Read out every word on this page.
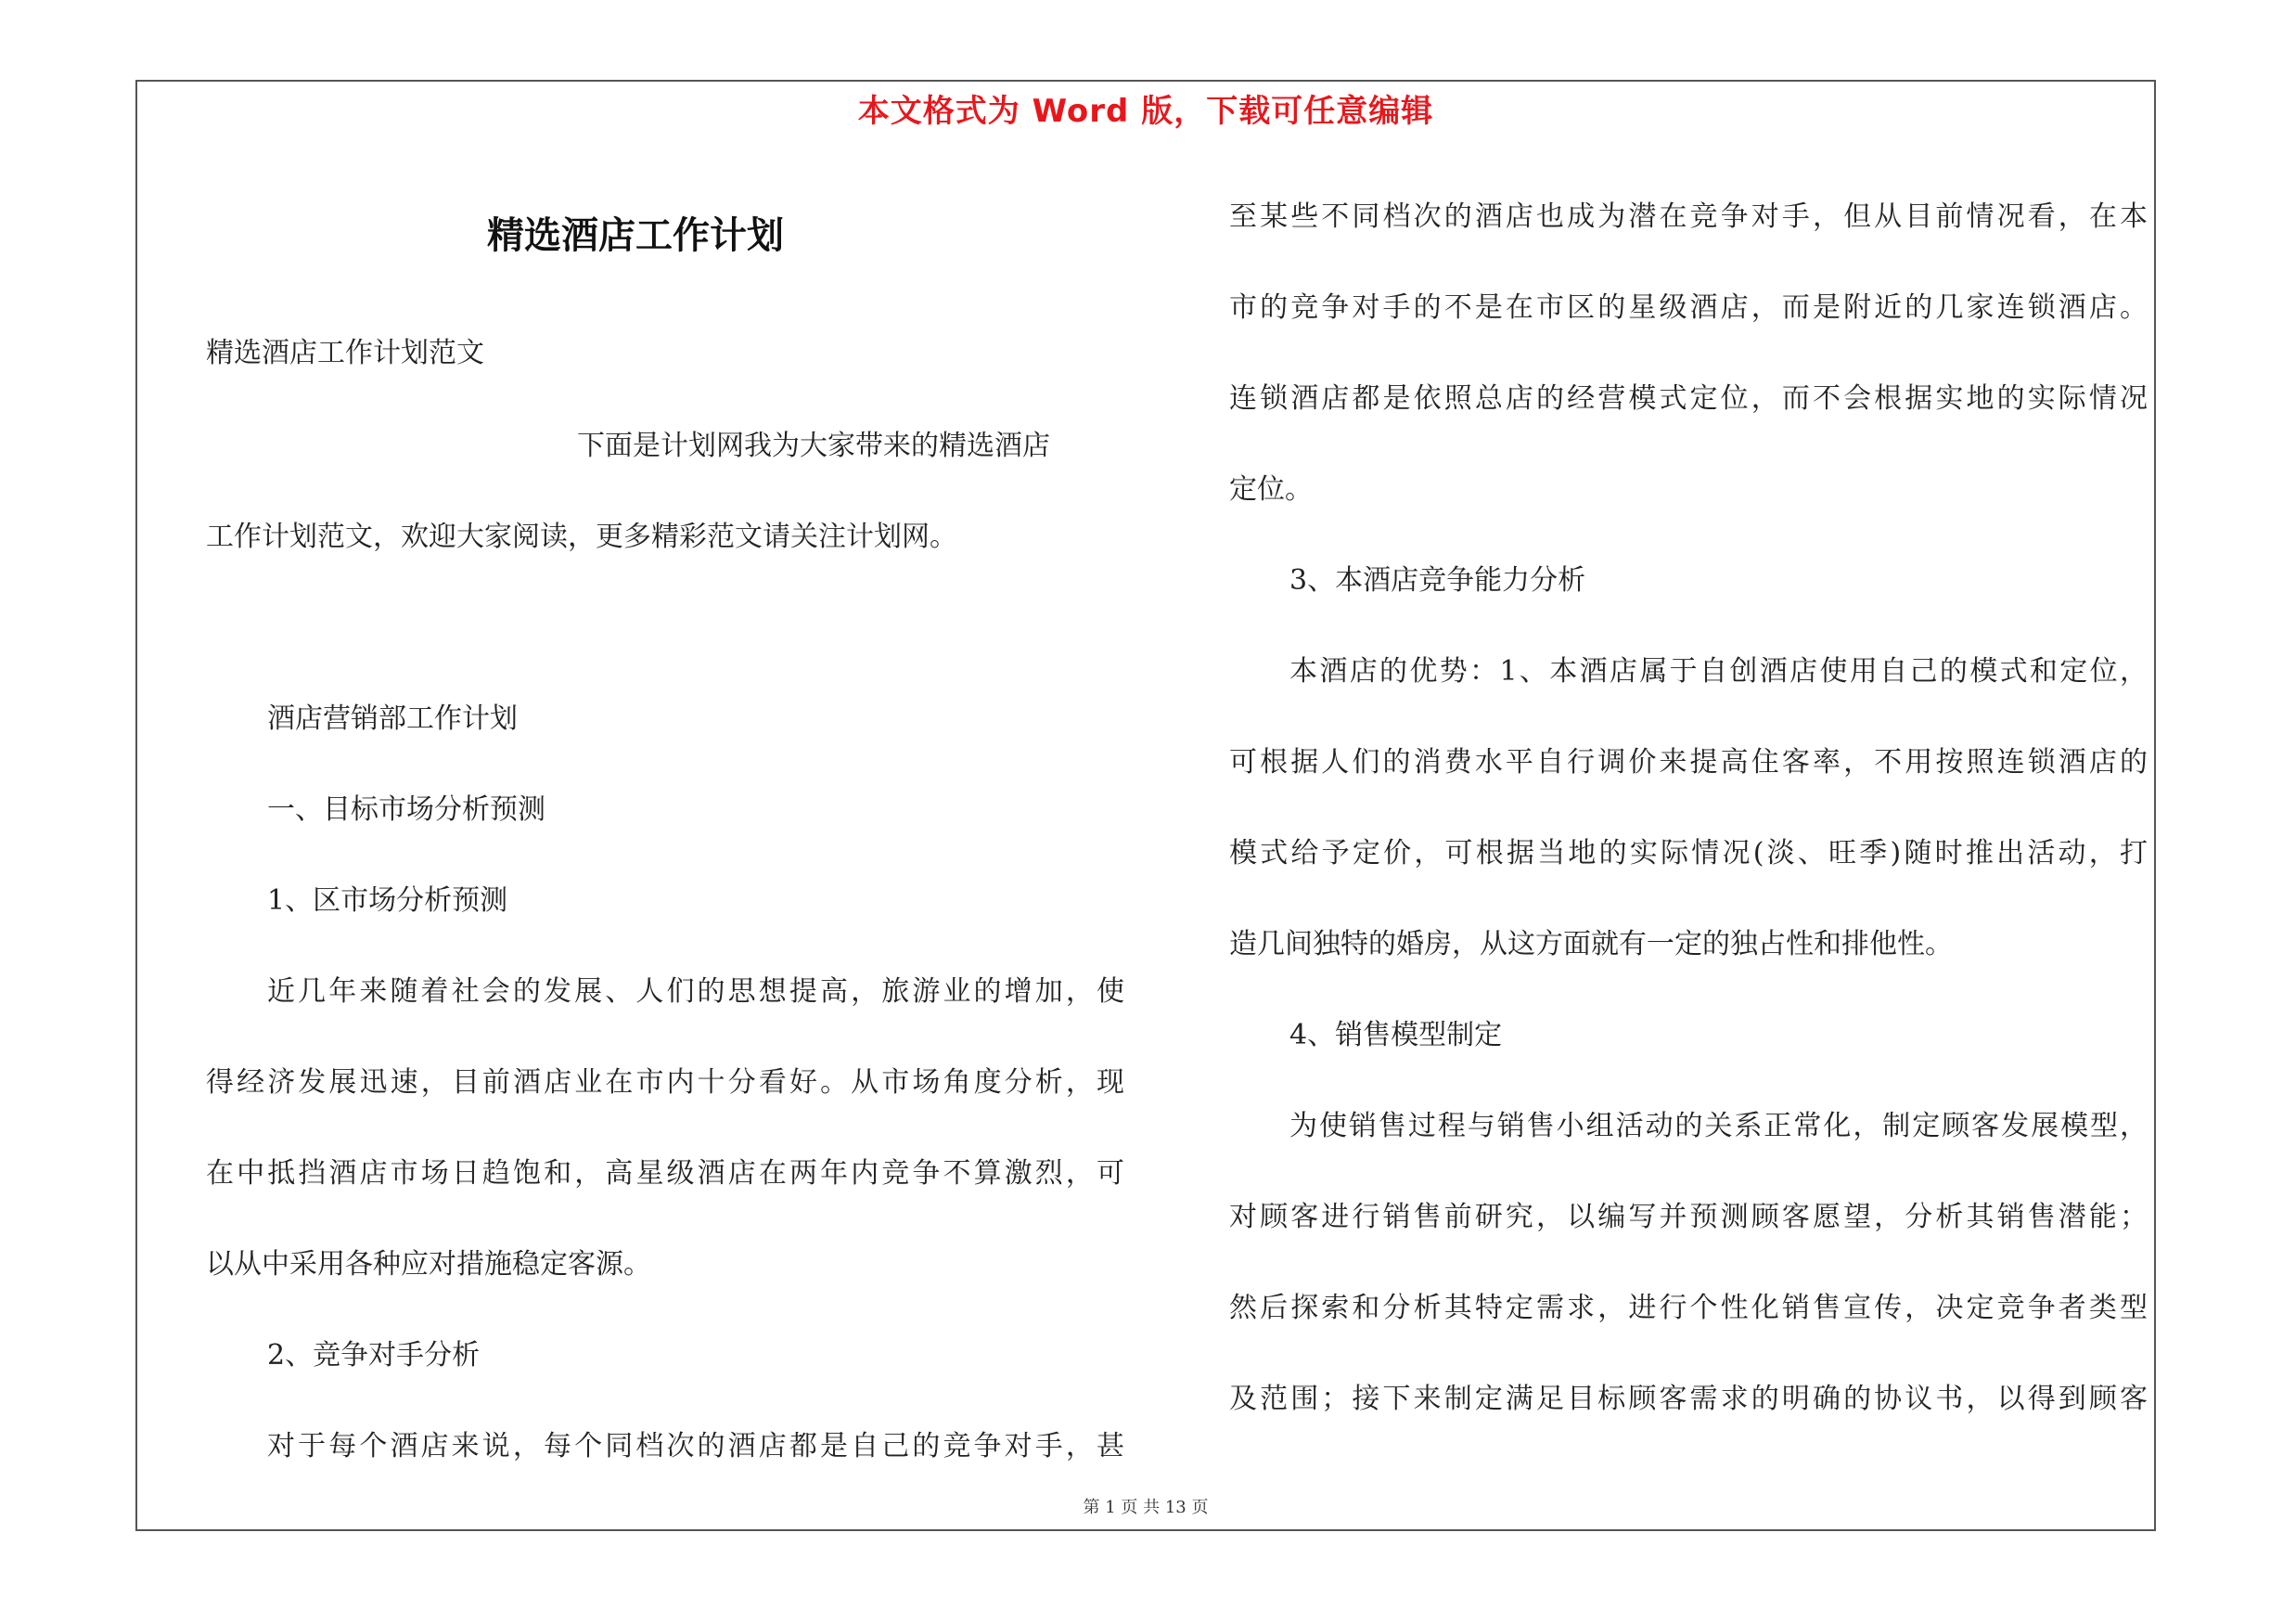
本文格式为 Word 版，下载可任意编辑
精选酒店工作计划
精选酒店工作计划范文
下面是计划网我为大家带来的精选酒店
工作计划范文，欢迎大家阅读，更多精彩范文请关注计划网。
酒店营销部工作计划
一、目标市场分析预测
1、区市场分析预测
近几年来随着社会的发展、人们的思想提高，旅游业的增加，使
得经济发展迅速，目前酒店业在市内十分看好。从市场角度分析，现
在中抵挡酒店市场日趋饱和，高星级酒店在两年内竞争不算激烈，可
以从中采用各种应对措施稳定客源。
2、竞争对手分析
对于每个酒店来说，每个同档次的酒店都是自己的竞争对手，甚
至某些不同档次的酒店也成为潜在竞争对手，但从目前情况看，在本
市的竞争对手的不是在市区的星级酒店，而是附近的几家连锁酒店。
连锁酒店都是依照总店的经营模式定位，而不会根据实地的实际情况
定位。
3、本酒店竞争能力分析
本酒店的优势：1、本酒店属于自创酒店使用自己的模式和定位，
可根据人们的消费水平自行调价来提高住客率，不用按照连锁酒店的
模式给予定价，可根据当地的实际情况(淡、旺季)随时推出活动，打
造几间独特的婚房，从这方面就有一定的独占性和排他性。
4、销售模型制定
为使销售过程与销售小组活动的关系正常化，制定顾客发展模型，
对顾客进行销售前研究，以编写并预测顾客愿望，分析其销售潜能；
然后探索和分析其特定需求，进行个性化销售宣传，决定竞争者类型
及范围；接下来制定满足目标顾客需求的明确的协议书，以得到顾客
第 1 页 共 13 页
